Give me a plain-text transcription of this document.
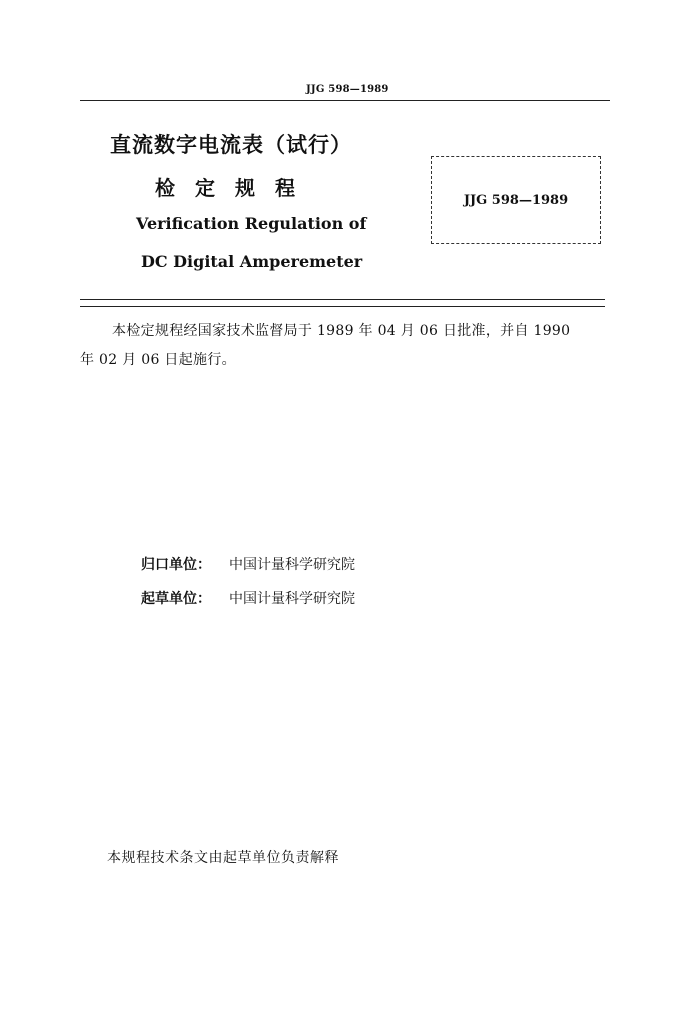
JJG 598—1989
直流数字电流表（试行）
检定规程
Verification Regulation of
DC Digital Amperemeter
JJG 598—1989
本检定规程经国家技术监督局于 1989 年 04 月 06 日批准，并自 1990
年 02 月 06 日起施行。
归口单位： 中国计量科学研究院
起草单位： 中国计量科学研究院
本规程技术条文由起草单位负责解释
